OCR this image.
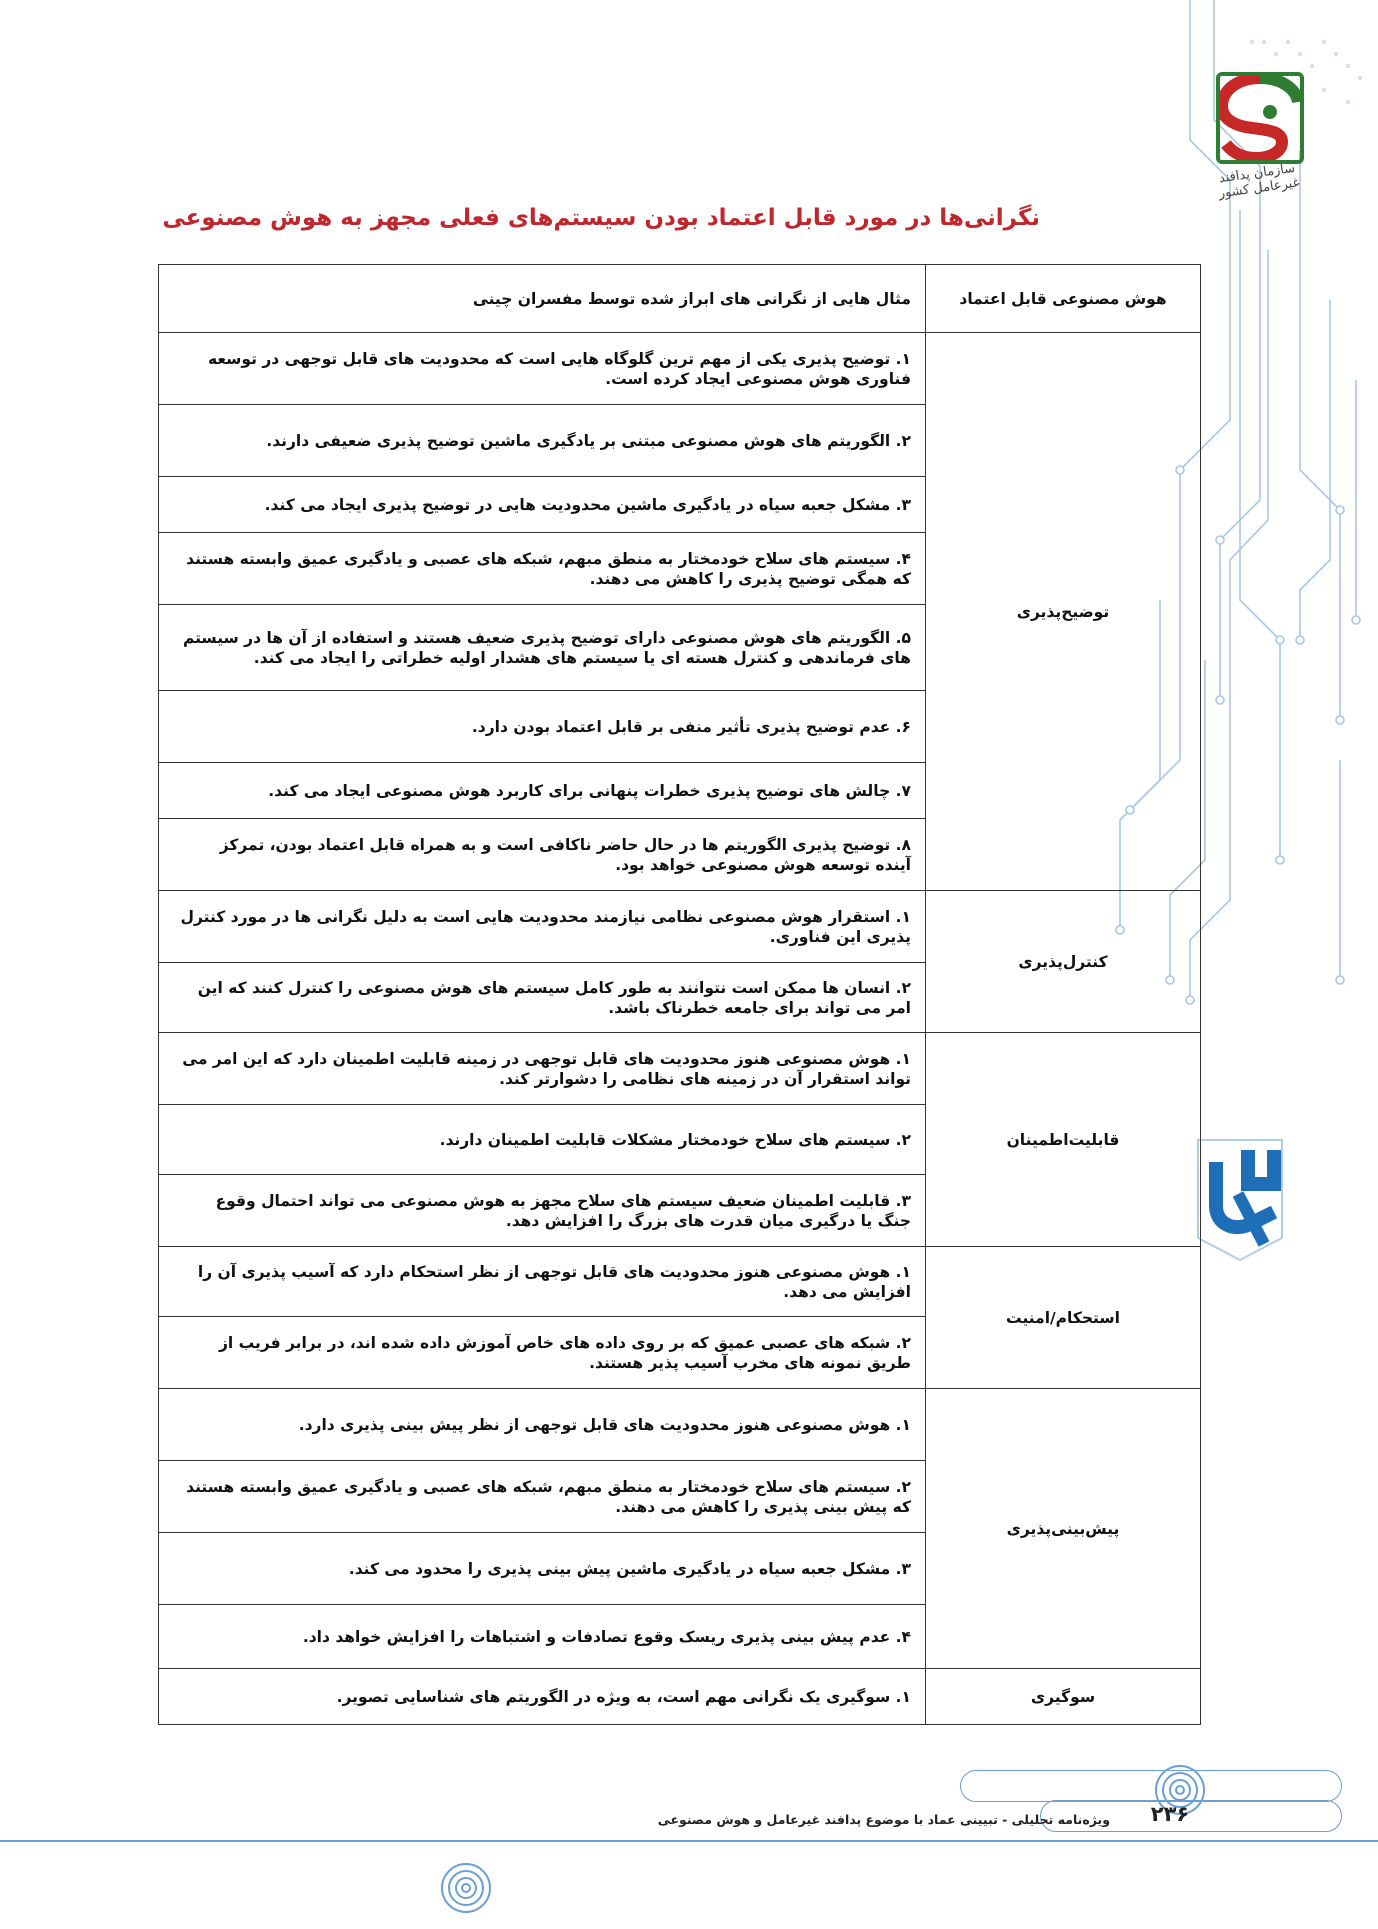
سازمان پدافند غیرعامل کشور
نگرانی‌ها در مورد قابل اعتماد بودن سیستم‌های فعلی مجهز به هوش مصنوعی
هوش مصنوعی قابل اعتماد	مثال هایی از نگرانی های ابراز شده توسط مفسران چینی
توضیح‌پذیری	۱. توضیح پذیری یکی از مهم ترین گلوگاه هایی است که محدودیت های قابل توجهی در توسعه فناوری هوش مصنوعی ایجاد کرده است.
	۲. الگوریتم های هوش مصنوعی مبتنی بر یادگیری ماشین توضیح پذیری ضعیفی دارند.
	۳. مشکل جعبه سیاه در یادگیری ماشین محدودیت هایی در توضیح پذیری ایجاد می کند.
	۴. سیستم های سلاح خودمختار به منطق مبهم، شبکه های عصبی و یادگیری عمیق وابسته هستند که همگی توضیح پذیری را کاهش می دهند.
	۵. الگوریتم های هوش مصنوعی دارای توضیح پذیری ضعیف هستند و استفاده از آن ها در سیستم های فرماندهی و کنترل هسته ای یا سیستم های هشدار اولیه خطراتی را ایجاد می کند.
	۶. عدم توضیح پذیری تأثیر منفی بر قابل اعتماد بودن دارد.
	۷. چالش های توضیح پذیری خطرات پنهانی برای کاربرد هوش مصنوعی ایجاد می کند.
	۸. توضیح پذیری الگوریتم ها در حال حاضر ناکافی است و به همراه قابل اعتماد بودن، تمرکز آینده توسعه هوش مصنوعی خواهد بود.
کنترل‌پذیری	۱. استقرار هوش مصنوعی نظامی نیازمند محدودیت هایی است به دلیل نگرانی ها در مورد کنترل پذیری این فناوری.
	۲. انسان ها ممکن است نتوانند به طور کامل سیستم های هوش مصنوعی را کنترل کنند که این امر می تواند برای جامعه خطرناک باشد.
قابلیت‌اطمینان	۱. هوش مصنوعی هنوز محدودیت های قابل توجهی در زمینه قابلیت اطمینان دارد که این امر می تواند استقرار آن در زمینه های نظامی را دشوارتر کند.
	۲. سیستم های سلاح خودمختار مشکلات قابلیت اطمینان دارند.
	۳. قابلیت اطمینان ضعیف سیستم های سلاح مجهز به هوش مصنوعی می تواند احتمال وقوع جنگ یا درگیری میان قدرت های بزرگ را افزایش دهد.
استحکام/امنیت	۱. هوش مصنوعی هنوز محدودیت های قابل توجهی از نظر استحکام دارد که آسیب پذیری آن را افزایش می دهد.
	۲. شبکه های عصبی عمیق که بر روی داده های خاص آموزش داده شده اند، در برابر فریب از طریق نمونه های مخرب آسیب پذیر هستند.
پیش‌بینی‌پذیری	۱. هوش مصنوعی هنوز محدودیت های قابل توجهی از نظر پیش بینی پذیری دارد.
	۲. سیستم های سلاح خودمختار به منطق مبهم، شبکه های عصبی و یادگیری عمیق وابسته هستند که پیش بینی پذیری را کاهش می دهند.
	۳. مشکل جعبه سیاه در یادگیری ماشین پیش بینی پذیری را محدود می کند.
	۴. عدم پیش بینی پذیری ریسک وقوع تصادفات و اشتباهات را افزایش خواهد داد.
سوگیری	۱. سوگیری یک نگرانی مهم است، به ویژه در الگوریتم های شناسایی تصویر.
۲۳۶
ویژه‌نامه تحلیلی - تبیینی عماد با موضوع پدافند غیرعامل و هوش مصنوعی
